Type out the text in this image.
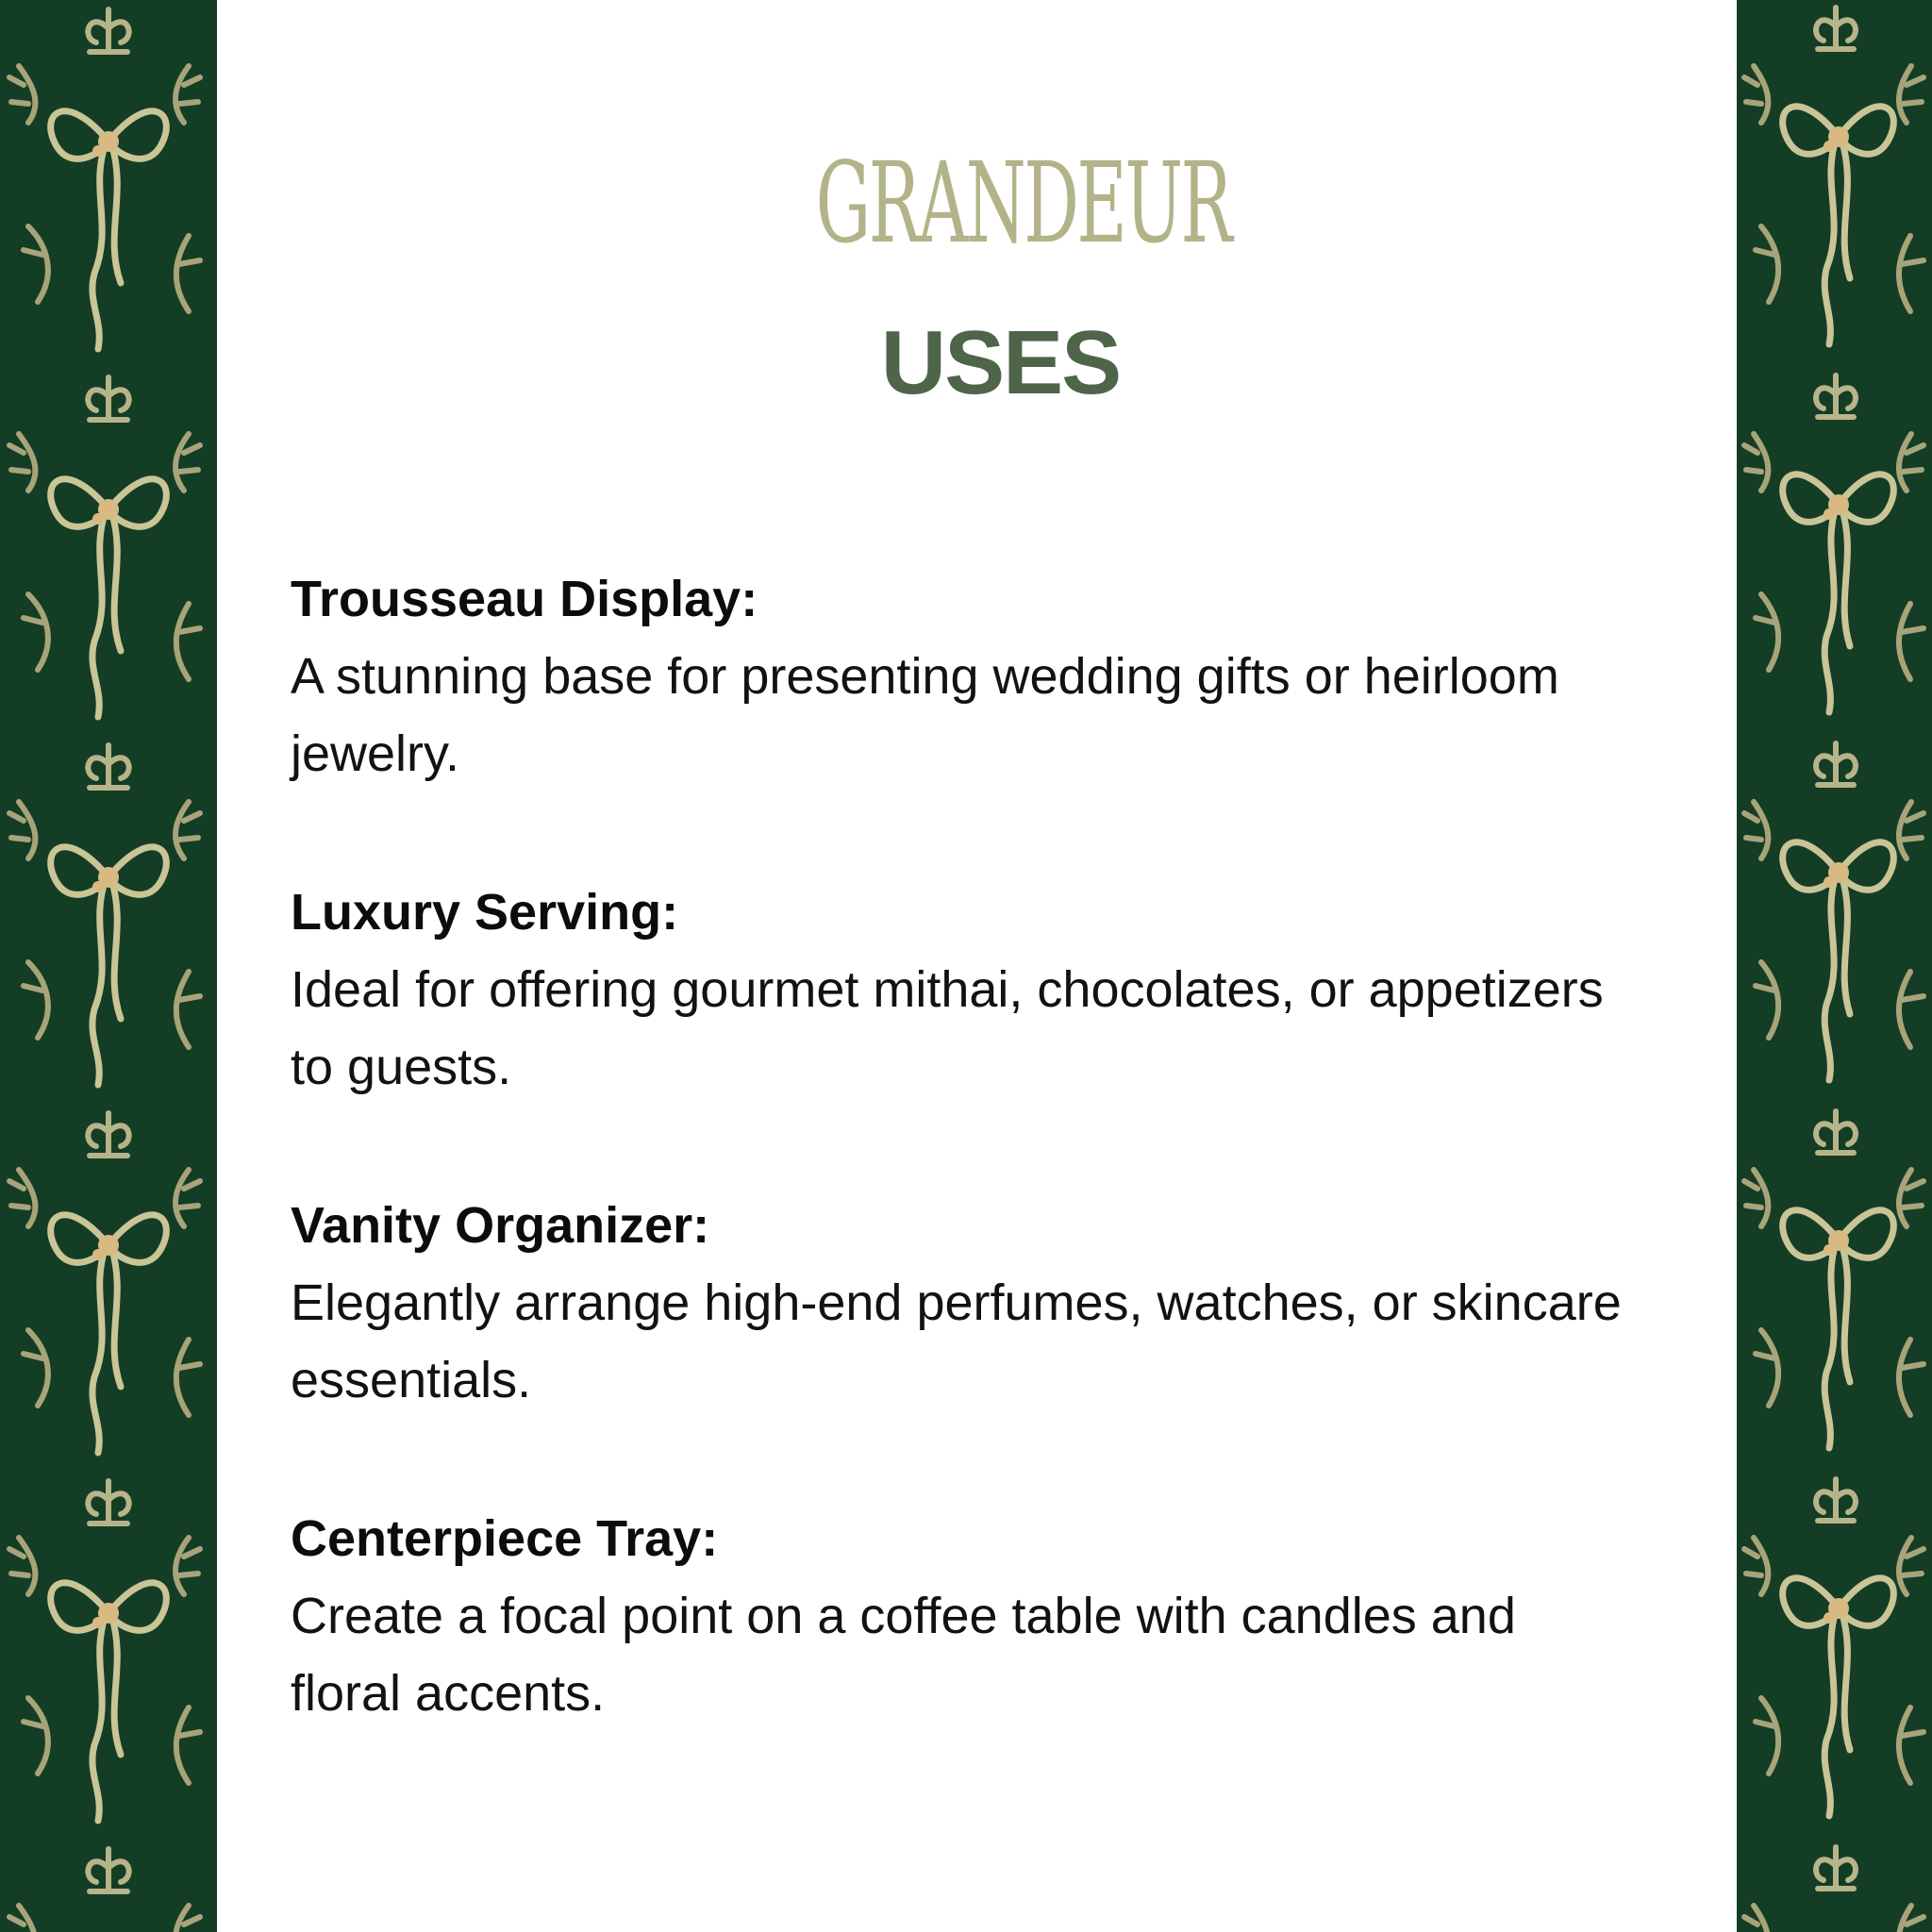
GRANDEUR
USES
Trousseau Display:
A stunning base for presenting wedding gifts or heirloom jewelry.
Luxury Serving:
Ideal for offering gourmet mithai, chocolates, or appetizers to guests.
Vanity Organizer:
Elegantly arrange high-end perfumes, watches, or skincare essentials.
Centerpiece Tray:
Create a focal point on a coffee table with candles and floral accents.
